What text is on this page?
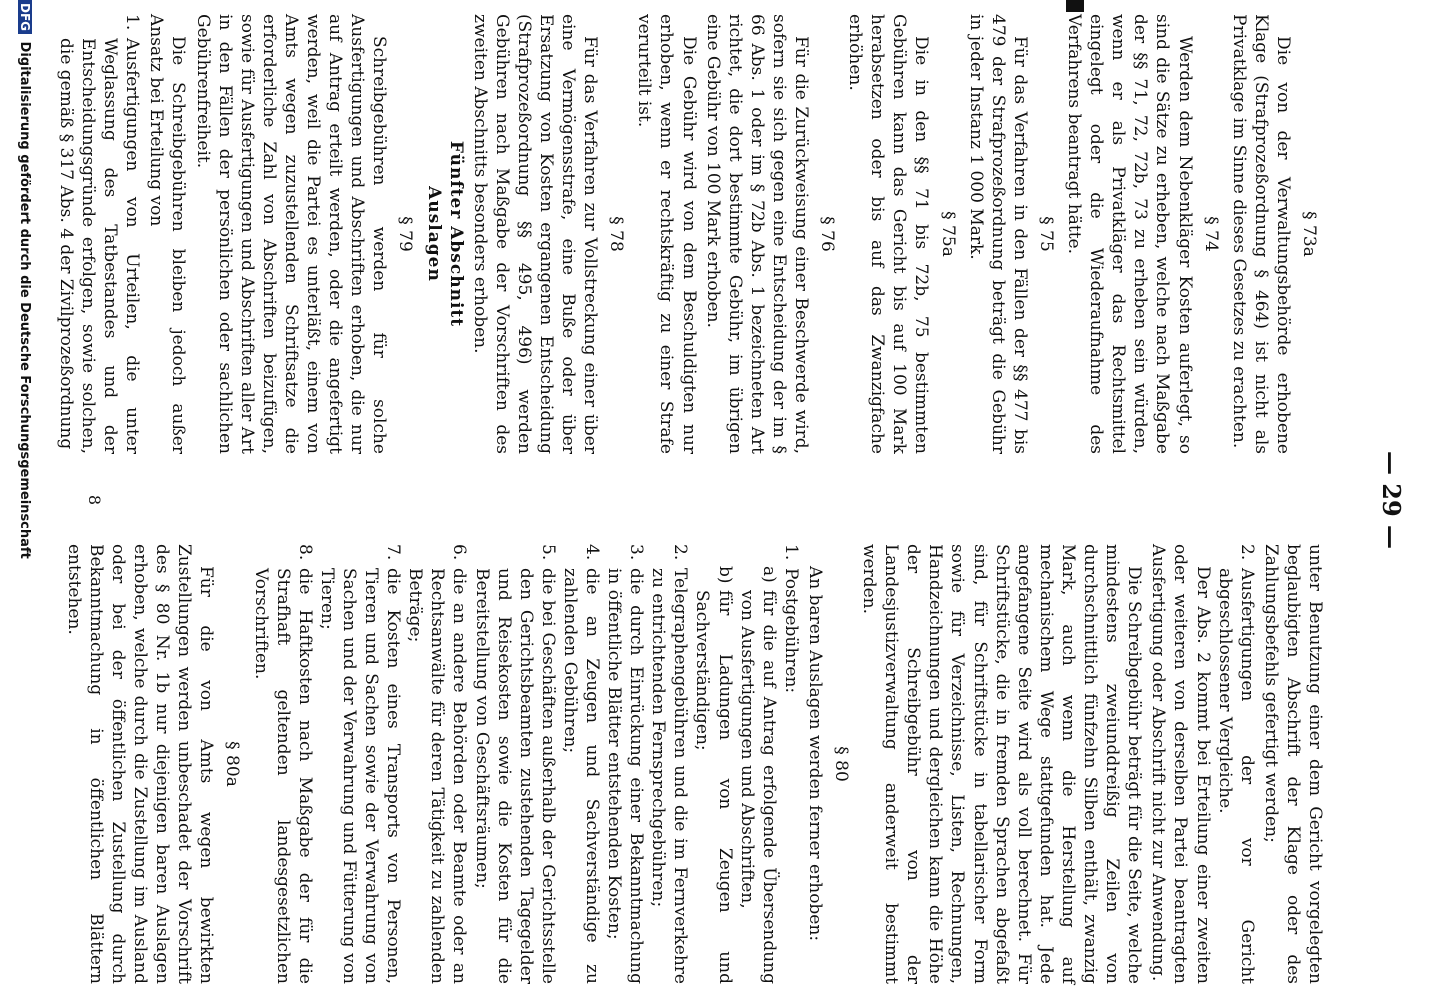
— 29 —
§ 73a

Die von der Verwaltungsbehörde erhobene Klage (Strafprozeßordnung § 464) ist nicht als Privatklage im Sinne dieses Gesetzes zu erachten.

§ 74

Werden dem Nebenkläger Kosten auferlegt, so sind die Sätze zu erheben, welche nach Maßgabe der §§ 71, 72, 72b, 73 zu erheben sein würden, wenn er als Privatkläger das Rechtsmittel eingelegt oder die Wiederaufnahme des Verfahrens beantragt hätte.

§ 75

Für das Verfahren in den Fällen der §§ 477 bis 479 der Strafprozeßordnung beträgt die Gebühr in jeder Instanz 1 000 Mark.

§ 75a

Die in den §§ 71 bis 72b, 75 bestimmten Gebühren kann das Gericht bis auf 100 Mark herabsetzen oder bis auf das Zwanzigfache erhöhen.

§ 76

Für die Zurückweisung einer Beschwerde wird, sofern sie sich gegen eine Entscheidung der im § 66 Abs. 1 oder im § 72b Abs. 1 bezeichneten Art richtet, die dort bestimmte Gebühr, im übrigen eine Gebühr von 100 Mark erhoben.

Die Gebühr wird von dem Beschuldigten nur erhoben, wenn er rechtskräftig zu einer Strafe verurteilt ist.

§ 78

Für das Verfahren zur Vollstreckung einer über eine Vermögensstrafe, eine Buße oder über Ersatzung von Kosten ergangenen Entscheidung (Strafprozeßordnung §§ 495, 496) werden Gebühren nach Maßgabe der Vorschriften des zweiten Abschnitts besonders erhoben.

Fünfter Abschnitt
Auslagen
§ 79

Schreibgebühren werden für solche Ausfertigungen und Abschriften erhoben, die nur auf Antrag erteilt werden, oder die angefertigt werden, weil die Partei es unterläßt, einem von Amts wegen zuzustellenden Schriftsatze die erforderliche Zahl von Abschriften beizufügen, sowie für Ausfertigungen und Abschriften aller Art in den Fällen der persönlichen oder sachlichen Gebührenfreiheit.

Die Schreibgebühren bleiben jedoch außer Ansatz bei Erteilung von

1.
Ausfertigungen von Urteilen, die unter Weglassung des Tatbestandes und der Entscheidungsgründe erfolgen, sowie solchen, die gemäß § 317 Abs. 4 der Zivilprozeßordnung

unter Benutzung einer dem Gericht vorgelegten beglaubigten Abschrift der Klage oder des Zahlungsbefehls gefertigt werden;

2.
Ausfertigungen der vor Gericht abgeschlossener Vergleiche.

Der Abs. 2 kommt bei Erteilung einer zweiten oder weiteren von derselben Partei beantragten Ausfertigung oder Abschrift nicht zur Anwendung.

Die Schreibgebühr beträgt für die Seite, welche mindestens zweiunddreißig Zeilen von durchschnittlich fünfzehn Silben enthält, zwanzig Mark, auch wenn die Herstellung auf mechanischem Wege stattgefunden hat. Jede angefangene Seite wird als voll berechnet. Für Schriftstücke, die in fremden Sprachen abgefaßt sind, für Schriftstücke in tabellarischer Form sowie für Verzeichnisse, Listen, Rechnungen, Handzeichnungen und dergleichen kann die Höhe der Schreibgebühr von der Landesjustizverwaltung anderweit bestimmt werden.

§ 80

An baren Auslagen werden ferner erhoben:

1.
Postgebühren:
a)
für die auf Antrag erfolgende Übersendung von Ausfertigungen und Abschriften,
b)
für Ladungen von Zeugen und Sachverständigen;
2.
Telegraphengebühren und die im Fernverkehre zu entrichtenden Fernsprechgebühren;
3.
die durch Einrückung einer Bekanntmachung in öffentliche Blätter entstehenden Kosten;
4.
die an Zeugen und Sachverständige zu zahlenden Gebühren;
5.
die bei Geschäften außerhalb der Gerichtsstelle den Gerichtsbeamten zustehenden Tagegelder und Reisekosten sowie die Kosten für die Bereitstellung von Geschäftsräumen;
6.
die an andere Behörden oder Beamte oder an Rechtsanwälte für deren Tätigkeit zu zahlenden Beträge;
7.
die Kosten eines Transports von Personen, Tieren und Sachen sowie der Verwahrung von Sachen und der Verwahrung und Fütterung von Tieren;
8.
die Haftkosten nach Maßgabe der für die Strafhaft geltenden landesgesetzlichen Vorschriften.
§ 80a

Für die von Amts wegen bewirkten Zustellungen werden unbeschadet der Vorschrift des § 80 Nr. 1b nur diejenigen baren Auslagen erhoben, welche durch die Zustellung im Ausland oder bei der öffentlichen Zustellung durch Bekanntmachung in öffentlichen Blättern entstehen.

8
DFG Digitalisierung gefördert durch die Deutsche Forschungsgemeinschaft
